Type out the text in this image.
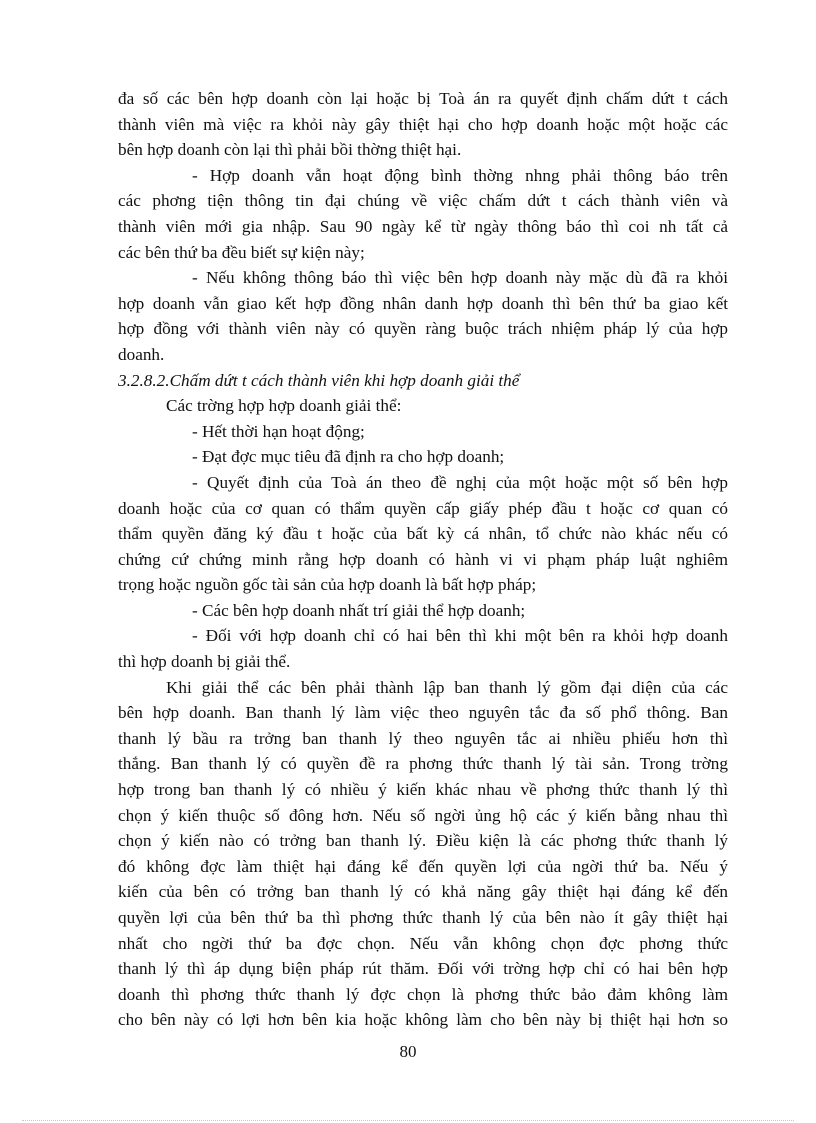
đa số các bên hợp doanh còn lại hoặc bị Toà án ra quyết định chấm dứt t cách
thành viên mà việc ra khỏi này gây thiệt hại cho hợp doanh hoặc một hoặc các
bên hợp doanh còn lại thì phải bồi thờng thiệt hại.
- Hợp doanh vẫn hoạt động bình thờng nhng phải thông báo trên
các phơng tiện thông tin đại chúng về việc chấm dứt t cách thành viên và
thành viên mới gia nhập. Sau 90 ngày kể từ ngày thông báo thì coi nh tất cả
các bên thứ ba đều biết sự kiện này;
- Nếu không thông báo thì việc bên hợp doanh này mặc dù đã ra khỏi
hợp doanh vẫn giao kết hợp đồng nhân danh hợp doanh thì bên thứ ba giao kết
hợp đồng với thành viên này có quyền ràng buộc trách nhiệm pháp lý của hợp
doanh.
3.2.8.2.Chấm dứt t cách thành viên khi hợp doanh giải thể
Các trờng hợp hợp doanh giải thể:
- Hết thời hạn hoạt động;
- Đạt đợc mục tiêu đã định ra cho hợp doanh;
- Quyết định của Toà án theo đề nghị của một hoặc một số bên hợp
doanh hoặc của cơ quan có thẩm quyền cấp giấy phép đầu t hoặc cơ quan có
thẩm quyền đăng ký đầu t hoặc của bất kỳ cá nhân, tổ chức nào khác nếu có
chứng cứ chứng minh rằng hợp doanh có hành vi vi phạm pháp luật nghiêm
trọng hoặc nguồn gốc tài sản của hợp doanh là bất hợp pháp;
- Các bên hợp doanh nhất trí giải thể hợp doanh;
- Đối với hợp doanh chỉ có hai bên thì khi một bên ra khỏi hợp doanh
thì hợp doanh bị giải thể.
Khi giải thể các bên phải thành lập ban thanh lý gồm đại diện của các
bên hợp doanh. Ban thanh lý làm việc theo nguyên tắc đa số phổ thông. Ban
thanh lý bầu ra trởng ban thanh lý theo nguyên tắc ai nhiều phiếu hơn thì
thắng. Ban thanh lý có quyền đề ra phơng thức thanh lý tài sản. Trong trờng
hợp trong ban thanh lý có nhiều ý kiến khác nhau về phơng thức thanh lý thì
chọn ý kiến thuộc số đông hơn. Nếu số ngời ủng hộ các ý kiến bằng nhau thì
chọn ý kiến nào có trởng ban thanh lý. Điều kiện là các phơng thức thanh lý
đó không đợc làm thiệt hại đáng kể đến quyền lợi của ngời thứ ba. Nếu ý
kiến của bên có trởng ban thanh lý có khả năng gây thiệt hại đáng kể đến
quyền lợi của bên thứ ba thì phơng thức thanh lý của bên nào ít gây thiệt hại
nhất cho ngời thứ ba đợc chọn. Nếu vẫn không chọn đợc phơng thức
thanh lý thì áp dụng biện pháp rút thăm. Đối với trờng hợp chỉ có hai bên hợp
doanh thì phơng thức thanh lý đợc chọn là phơng thức bảo đảm không làm
cho bên này có lợi hơn bên kia hoặc không làm cho bên này bị thiệt hại hơn so
80
